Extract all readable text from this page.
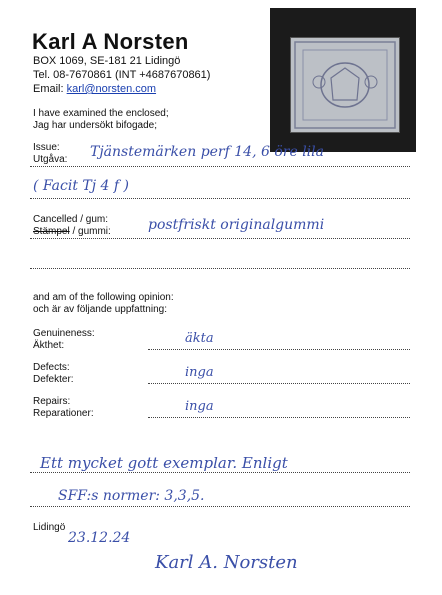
Karl A Norsten
BOX 1069, SE-181 21 Lidingö
Tel. 08-7670861 (INT +4687670861)
Email: karl@norsten.com
I have examined the enclosed;
Jag har undersökt bifogade;
Issue:
Utgåva: Tjänstemärken perf 14, 6 öre lila
( Facit Tj 4 f )
Cancelled / gum:
Stämpel / gummi:	postfriskt originalgummi
and am of the following opinion:
och är av följande uppfattning:
Genuineness:
Äkthet:	äkta
Defects:
Defekter:	inga
Repairs:
Reparationer:	inga
Ett mycket gott exemplar. Enligt
SFF:s normer: 3,3,5.
Lidingö
23.12.24
Karl A. Norsten
